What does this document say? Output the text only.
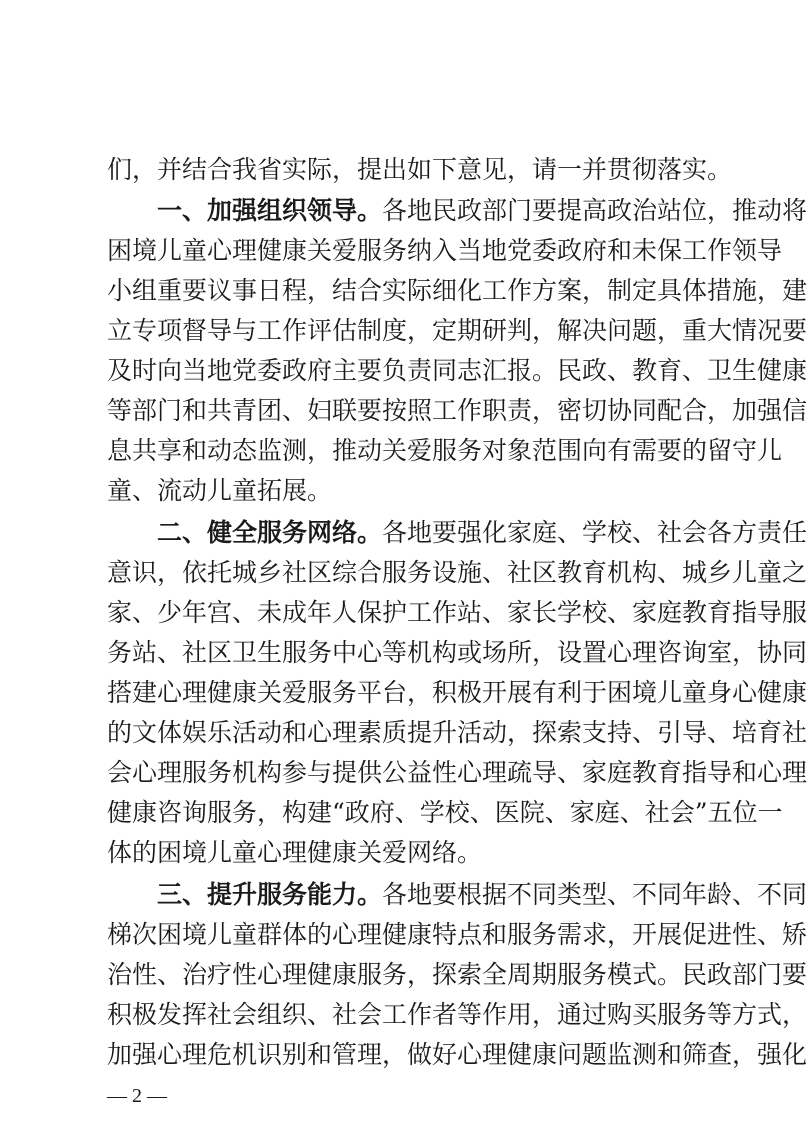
们，并结合我省实际，提出如下意见，请一并贯彻落实。
一、加强组织领导。 各地民政部门要提高政治站位，推动将
困境儿童心理健康关爱服务纳入当地党委政府和未保工作领导
小组重要议事日程，结合实际细化工作方案，制定具体措施，建
立专项督导与工作评估制度，定期研判，解决问题，重大情况要
及时向当地党委政府主要负责同志汇报。民政、教育、卫生健康
等部门和共青团、妇联要按照工作职责，密切协同配合，加强信
息共享和动态监测，推动关爱服务对象范围向有需要的留守儿
童、流动儿童拓展。
二、健全服务网络。 各地要强化家庭、学校、社会各方责任
意识，依托城乡社区综合服务设施、社区教育机构、城乡儿童之
家、少年宫、未成年人保护工作站、家长学校、家庭教育指导服
务站、社区卫生服务中心等机构或场所，设置心理咨询室，协同
搭建心理健康关爱服务平台，积极开展有利于困境儿童身心健康
的文体娱乐活动和心理素质提升活动，探索支持、引导、培育社
会心理服务机构参与提供公益性心理疏导、家庭教育指导和心理
健康咨询服务，构建“政府、学校、医院、家庭、社会”五位一
体的困境儿童心理健康关爱网络。
三、提升服务能力。 各地要根据不同类型、不同年龄、不同
梯次困境儿童群体的心理健康特点和服务需求，开展促进性、矫
治性、治疗性心理健康服务，探索全周期服务模式。民政部门要
积极发挥社会组织、社会工作者等作用，通过购买服务等方式，
加强心理危机识别和管理，做好心理健康问题监测和筛查，强化
— 2 —
